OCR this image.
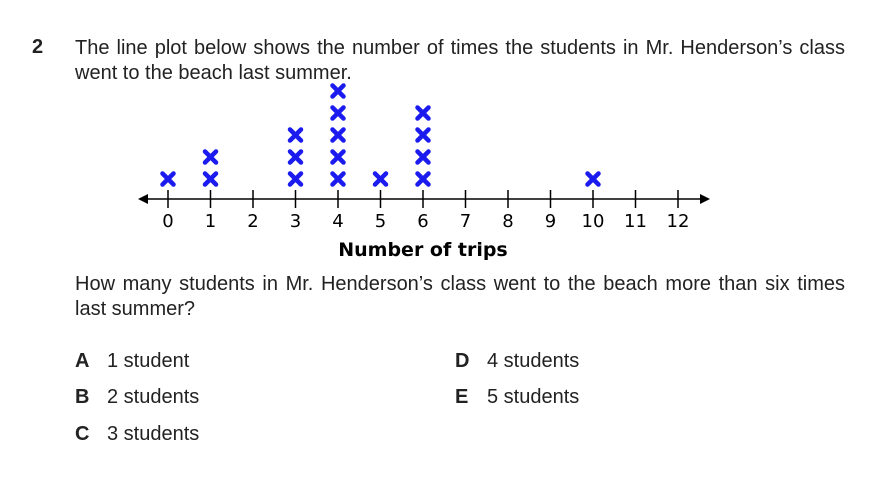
2 The line plot below shows the number of times the students in Mr. Henderson’s class went to the beach last summer.
0 1 2 3 4 5 6 7 8 9 10 11 12
Number of trips
How many students in Mr. Henderson’s class went to the beach more than six times last summer?
A 1 student
B 2 students
C 3 students
D 4 students
E 5 students
